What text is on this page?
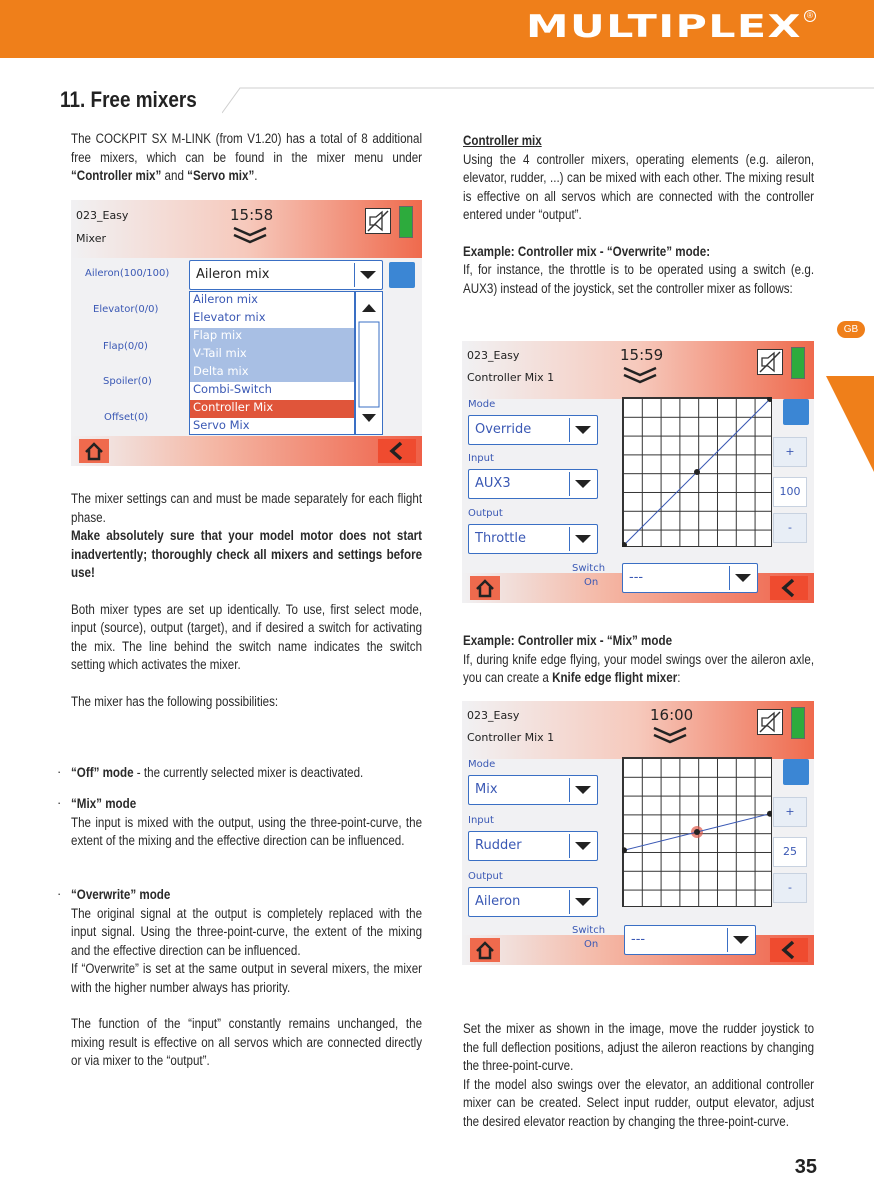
MULTIPLEX ®
11. Free mixers
GB
The COCKPIT SX M-LINK (from V1.20) has a total of 8 additional free mixers, which can be found in the mixer menu under “Controller mix” and “Servo mix”.

The mixer settings can and must be made separately for each flight phase.

Make absolutely sure that your model motor does not start inadvertently; thoroughly check all mixers and settings before use!

Both mixer types are set up identically. To use, first select mode, input (source), output (target), and if desired a switch for activating the mix. The line behind the switch name indicates the switch setting which activates the mixer.

The mixer has the following possibilities:

· “Off” mode - the currently selected mixer is deactivated.
· “Mix” mode

The input is mixed with the output, using the three-point-curve, the extent of the mixing and the effective direction can be influenced.

· “Overwrite” mode

The original signal at the output is completely replaced with the input signal. Using the three-point-curve, the extent of the mixing and the effective direction can be influenced.

If “Overwrite” is set at the same output in several mixers, the mixer with the higher number always has priority.

The function of the “input” constantly remains unchanged, the mixing result is effective on all servos which are connected directly or via mixer to the “output”.

Controller mix

Using the 4 controller mixers, operating elements (e.g. aileron, elevator, rudder, ...) can be mixed with each other. The mixing result is effective on all servos which are connected with the controller entered under “output”.

Example: Controller mix - “Overwrite” mode:

If, for instance, the throttle is to be operated using a switch (e.g. AUX3) instead of the joystick, set the controller mixer as follows:

Example: Controller mix - “Mix” mode

If, during knife edge flying, your model swings over the aileron axle, you can create a Knife edge flight mixer:

Set the mixer as shown in the image, move the rudder joystick to the full deflection positions, adjust the aileron reactions by changing the three-point-curve.

If the model also swings over the elevator, an additional controller mixer can be created. Select input rudder, output elevator, adjust the desired elevator reaction by changing the three-point-curve.

023_Easy
Mixer
15:58
Aileron(100/100)
Elevator(0/0)
Flap(0/0)
Spoiler(0)
Offset(0)
Aileron mix
Aileron mix
Elevator mix
Flap mix
V-Tail mix
Delta mix
Combi-Switch
Controller Mix
Servo Mix
023_Easy
Controller Mix 1
15:59
Mode
Override
Input
AUX3
Output
Throttle
+
100
-
Switch
On ---
023_Easy
Controller Mix 1
16:00
Mode
Mix
Input
Rudder
Output
Aileron
+
25
-
Switch
On	---
35
